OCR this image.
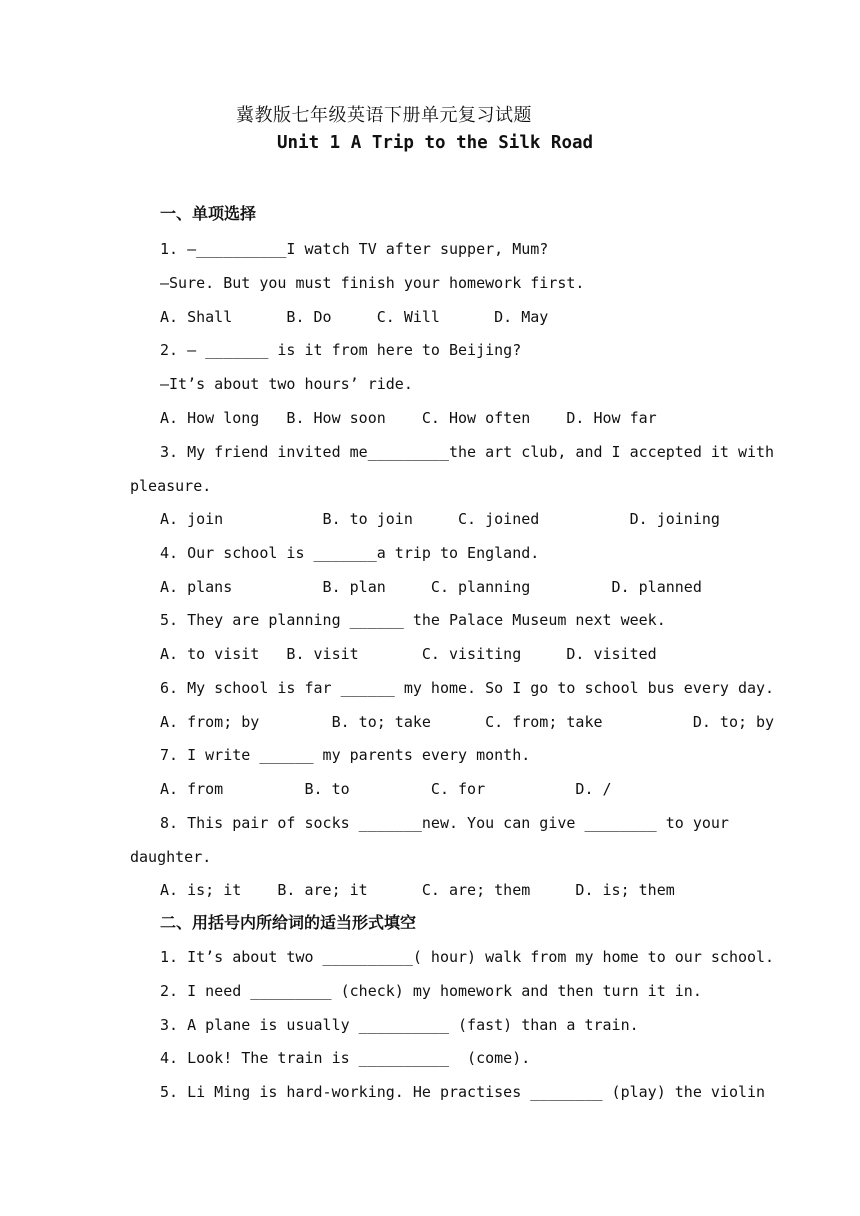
冀教版七年级英语下册单元复习试题
Unit 1 A Trip to the Silk Road
一、单项选择
1. —__________I watch TV after supper, Mum?
—Sure. But you must finish your homework first.
A. Shall      B. Do     C. Will      D. May
2. — _______ is it from here to Beijing?
—It’s about two hours’ ride.
A. How long   B. How soon    C. How often    D. How far
3. My friend invited me_________the art club, and I accepted it with
pleasure.
A. join           B. to join     C. joined          D. joining
4. Our school is _______a trip to England.
A. plans          B. plan     C. planning         D. planned
5. They are planning ______ the Palace Museum next week.
A. to visit   B. visit       C. visiting     D. visited
6. My school is far ______ my home. So I go to school bus every day.
A. from; by        B. to; take      C. from; take          D. to; by
7. I write ______ my parents every month.
A. from         B. to         C. for          D. /
8. This pair of socks _______new. You can give ________ to your
daughter.
A. is; it    B. are; it      C. are; them     D. is; them
二、用括号内所给词的适当形式填空
1. It’s about two __________( hour) walk from my home to our school.
2. I need _________ (check) my homework and then turn it in.
3. A plane is usually __________ (fast) than a train.
4. Look! The train is __________  (come).
5. Li Ming is hard-working. He practises ________ (play) the violin
